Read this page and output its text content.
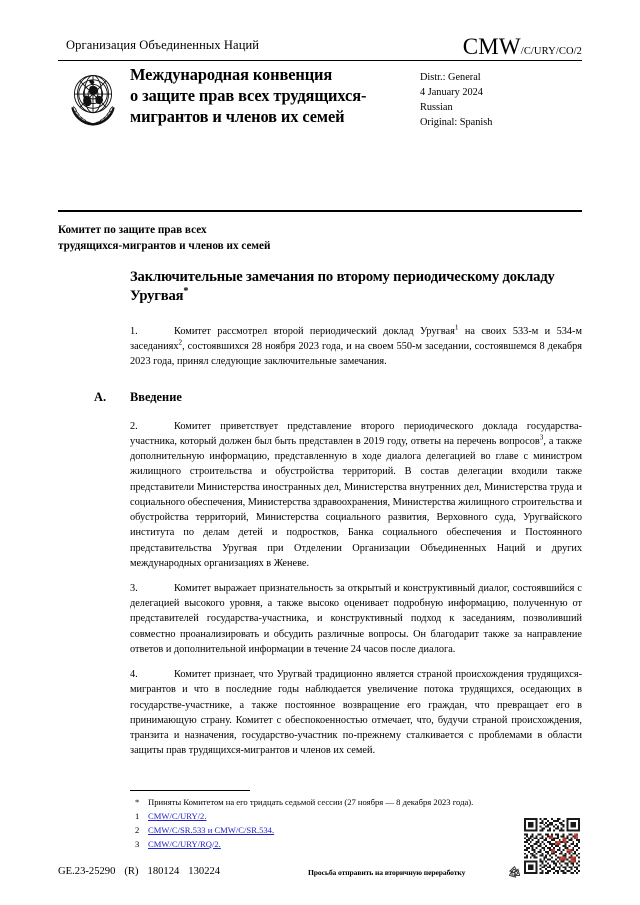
Организация Объединенных Наций	CMW/C/URY/CO/2
Международная конвенция
о защите прав всех трудящихся-
мигрантов и членов их семей
Distr.: General
4 January 2024
Russian
Original: Spanish
Комитет по защите прав всех
трудящихся-мигрантов и членов их семей
Заключительные замечания по второму периодическому докладу Уругвая*
1.	Комитет рассмотрел второй периодический доклад Уругвая$^1$ на своих 533-м и 534-м заседаниях$^2$, состоявшихся 28 ноября 2023 года, и на своем 550-м заседании, состоявшемся 8 декабря 2023 года, принял следующие заключительные замечания.
A. Введение
2.	Комитет приветствует представление второго периодического доклада государства-участника, который должен был быть представлен в 2019 году, ответы на перечень вопросов$^3$, а также дополнительную информацию, представленную в ходе диалога делегацией во главе с министром жилищного строительства и обустройства территорий. В состав делегации входили также представители Министерства иностранных дел, Министерства внутренних дел, Министерства труда и социального обеспечения, Министерства здравоохранения, Министерства жилищного строительства и обустройства территорий, Министерства социального развития, Верховного суда, Уругвайского института по делам детей и подростков, Банка социального обеспечения и Постоянного представительства Уругвая при Отделении Организации Объединенных Наций и других международных организациях в Женеве.
3.	Комитет выражает признательность за открытый и конструктивный диалог, состоявшийся с делегацией высокого уровня, а также высоко оценивает подробную информацию, полученную от представителей государства-участника, и конструктивный подход к заседаниям, позволивший совместно проанализировать и обсудить различные вопросы. Он благодарит также за направление ответов и дополнительной информации в течение 24 часов после диалога.
4.	Комитет признает, что Уругвай традиционно является страной происхождения трудящихся-мигрантов и что в последние годы наблюдается увеличение потока трудящихся, оседающих в государстве-участнике, а также постоянное возвращение его граждан, что превращает его в принимающую страну. Комитет с обеспокоенностью отмечает, что, будучи страной происхождения, транзита и назначения, государство-участник по-прежнему сталкивается с проблемами в области защиты прав трудящихся-мигрантов и членов их семей.
* Приняты Комитетом на его тридцать седьмой сессии (27 ноября — 8 декабря 2023 года).
1 CMW/C/URY/2.
2 CMW/C/SR.533 и CMW/C/SR.534.
3 CMW/C/URY/RQ/2.
GE.23-25290 (R) 180124 130224	Просьба отправить на вторичную переработку
